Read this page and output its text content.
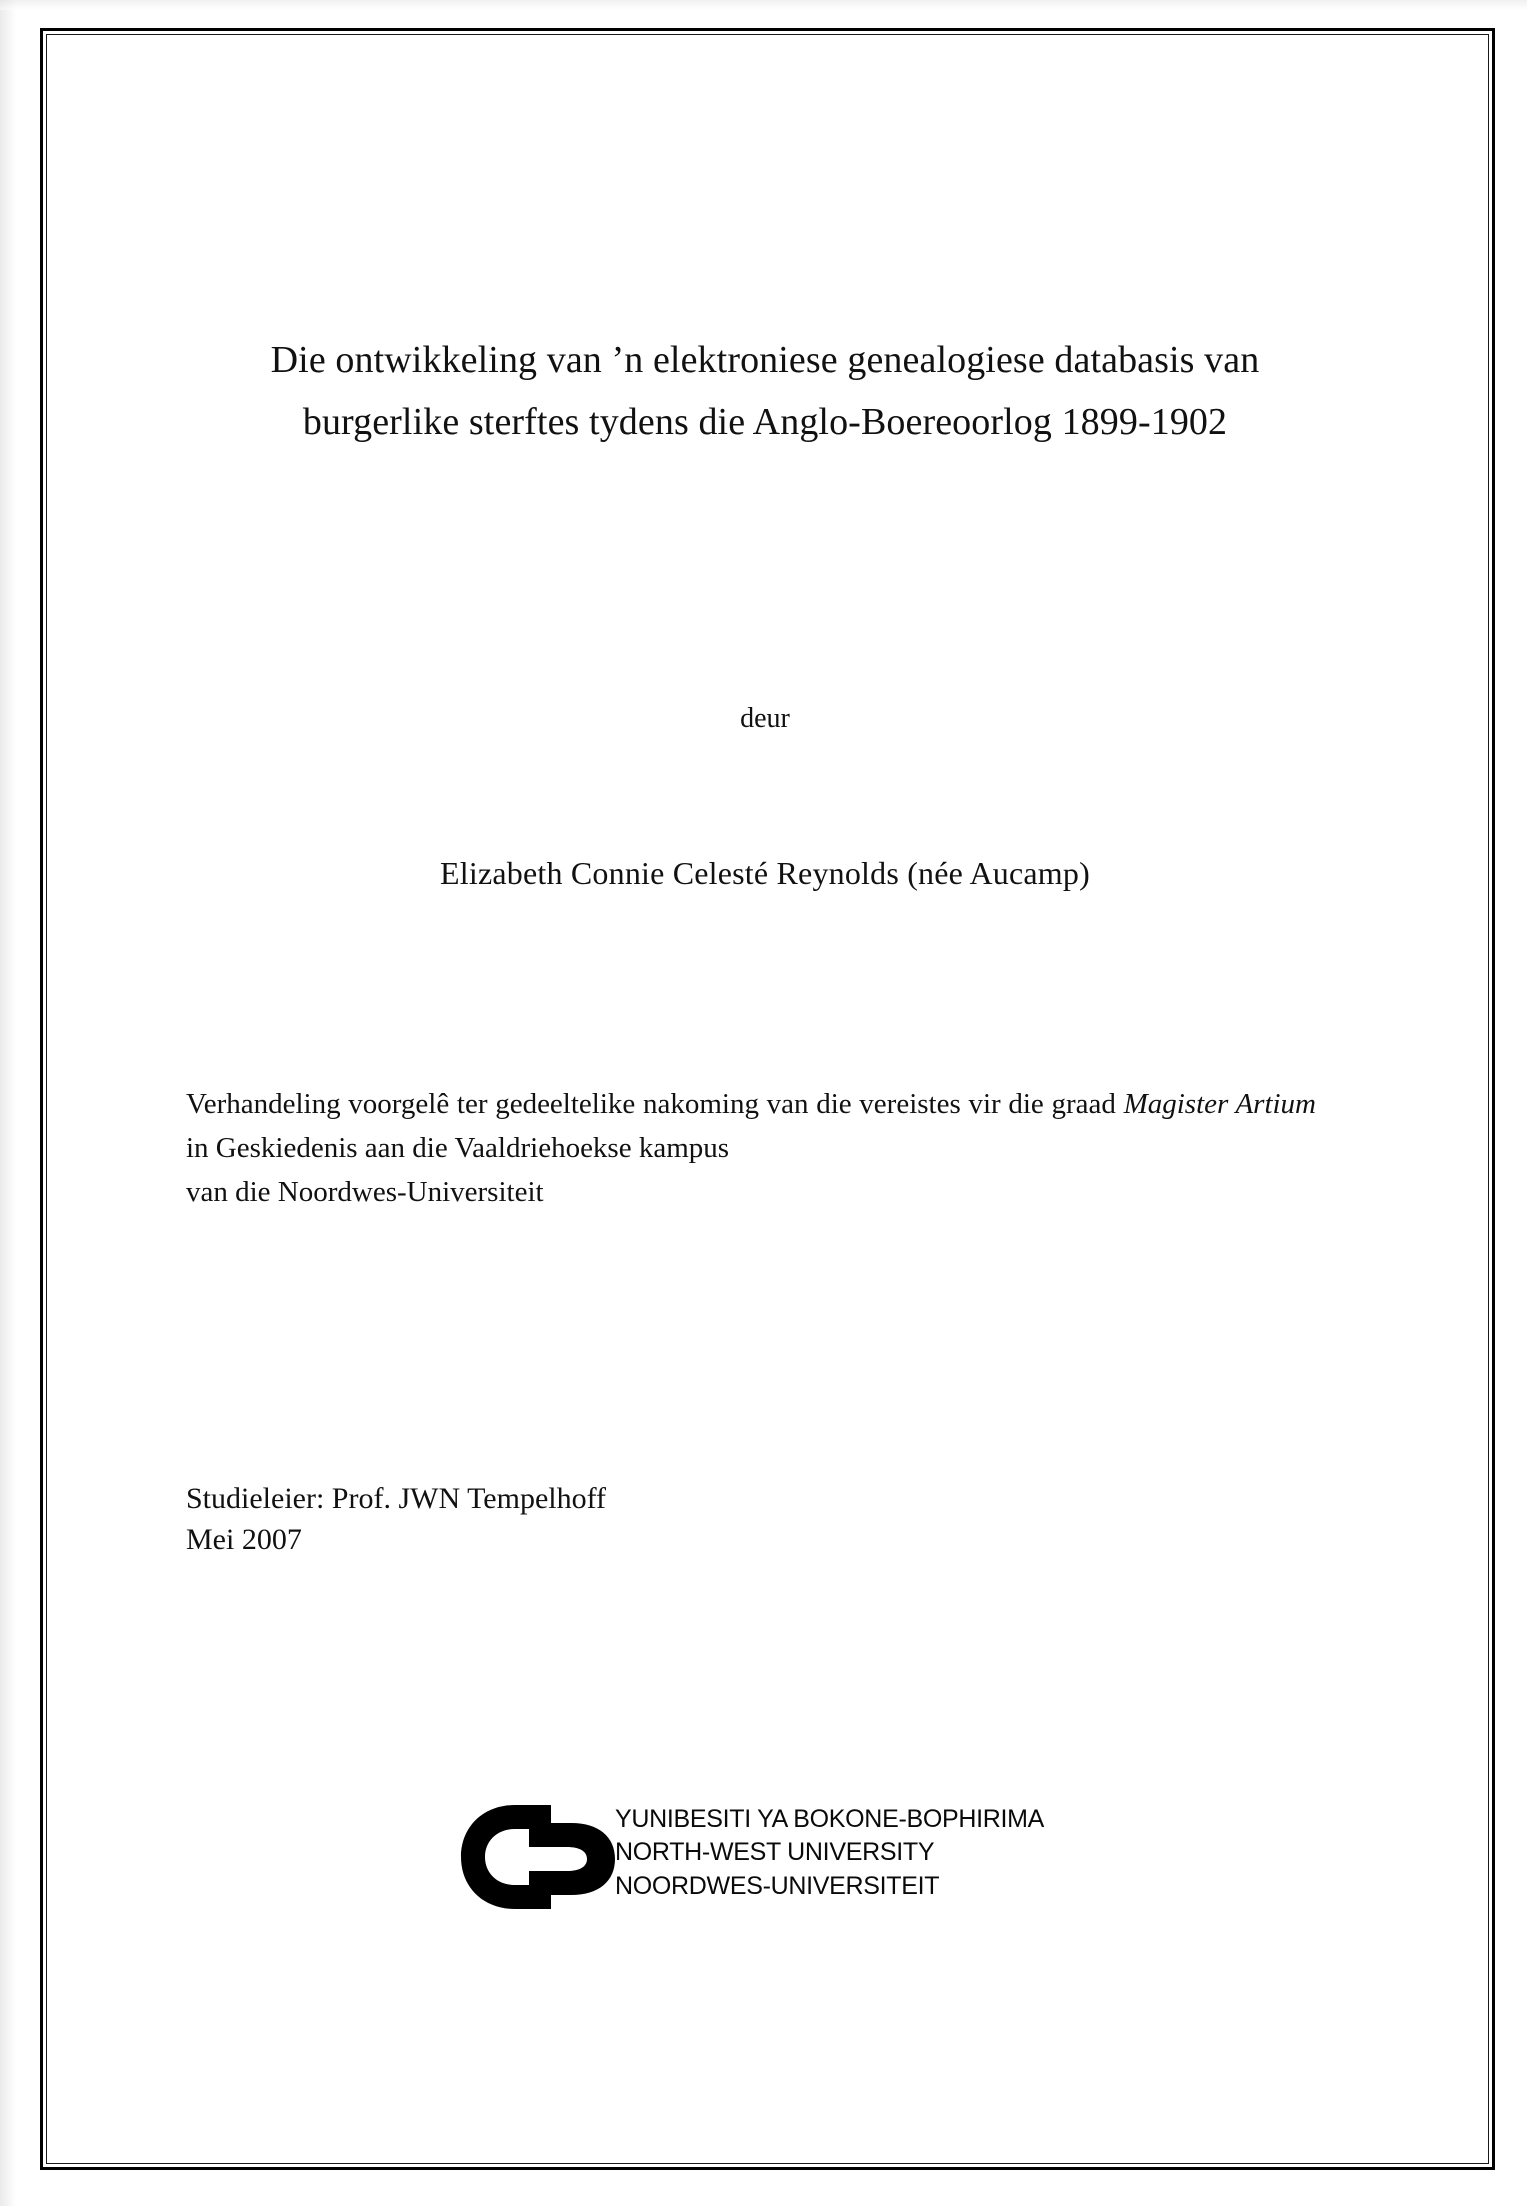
Die ontwikkeling van ’n elektroniese genealogiese databasis van
burgerlike sterftes tydens die Anglo-Boereoorlog 1899-1902
deur
Elizabeth Connie Celesté Reynolds (née Aucamp)
Verhandeling voorgelê ter gedeeltelike nakoming van die vereistes vir die graad Magister Artium in Geskiedenis aan die Vaaldriehoekse kampus
van die Noordwes-Universiteit
Studieleier: Prof. JWN Tempelhoff
Mei 2007
YUNIBESITI YA BOKONE-BOPHIRIMA
NORTH-WEST UNIVERSITY
NOORDWES-UNIVERSITEIT
